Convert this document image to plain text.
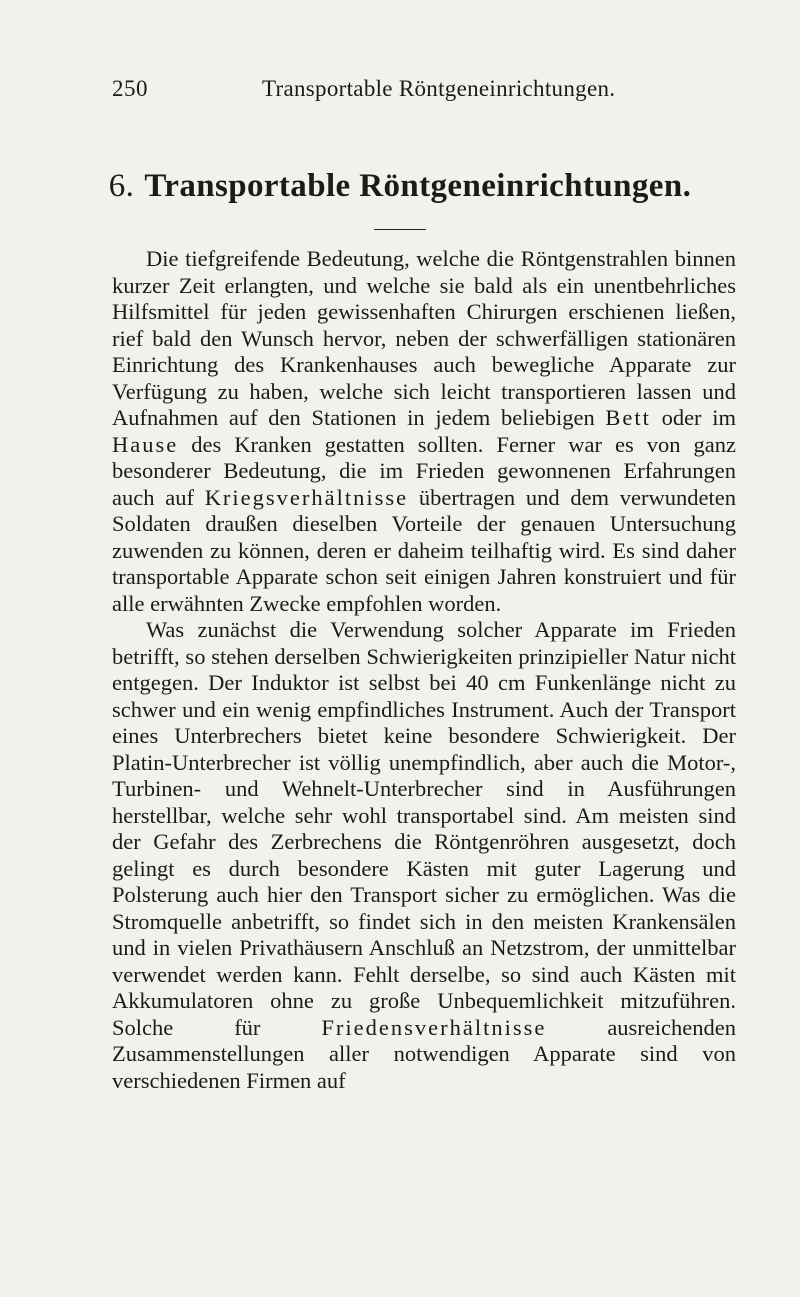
250	Transportable Röntgeneinrichtungen.
6. Transportable Röntgeneinrichtungen.

Die tiefgreifende Bedeutung, welche die Röntgenstrahlen binnen kurzer Zeit erlangten, und welche sie bald als ein unentbehrliches Hilfsmittel für jeden gewissenhaften Chirurgen erschienen ließen, rief bald den Wunsch hervor, neben der schwerfälligen stationären Einrichtung des Krankenhauses auch bewegliche Apparate zur Verfügung zu haben, welche sich leicht transportieren lassen und Aufnahmen auf den Stationen in jedem beliebigen Bett oder im Hause des Kranken gestatten sollten. Ferner war es von ganz besonderer Bedeutung, die im Frieden gewonnenen Erfahrungen auch auf Kriegsverhältnisse übertragen und dem verwundeten Soldaten draußen dieselben Vorteile der genauen Untersuchung zuwenden zu können, deren er daheim teilhaftig wird. Es sind daher transportable Apparate schon seit einigen Jahren konstruiert und für alle erwähnten Zwecke empfohlen worden.

Was zunächst die Verwendung solcher Apparate im Frieden betrifft, so stehen derselben Schwierigkeiten prinzipieller Natur nicht entgegen. Der Induktor ist selbst bei 40 cm Funkenlänge nicht zu schwer und ein wenig empfindliches Instrument. Auch der Transport eines Unterbrechers bietet keine besondere Schwierigkeit. Der Platin-Unterbrecher ist völlig unempfindlich, aber auch die Motor-, Turbinen- und Wehnelt-Unterbrecher sind in Ausführungen herstellbar, welche sehr wohl transportabel sind. Am meisten sind der Gefahr des Zerbrechens die Röntgenröhren ausgesetzt, doch gelingt es durch besondere Kästen mit guter Lagerung und Polsterung auch hier den Transport sicher zu ermöglichen. Was die Stromquelle anbetrifft, so findet sich in den meisten Krankensälen und in vielen Privathäusern Anschluß an Netzstrom, der unmittelbar verwendet werden kann. Fehlt derselbe, so sind auch Kästen mit Akkumulatoren ohne zu große Unbequemlichkeit mitzuführen. Solche für Friedensverhältnisse ausreichenden Zusammenstellungen aller notwendigen Apparate sind von verschiedenen Firmen auf
